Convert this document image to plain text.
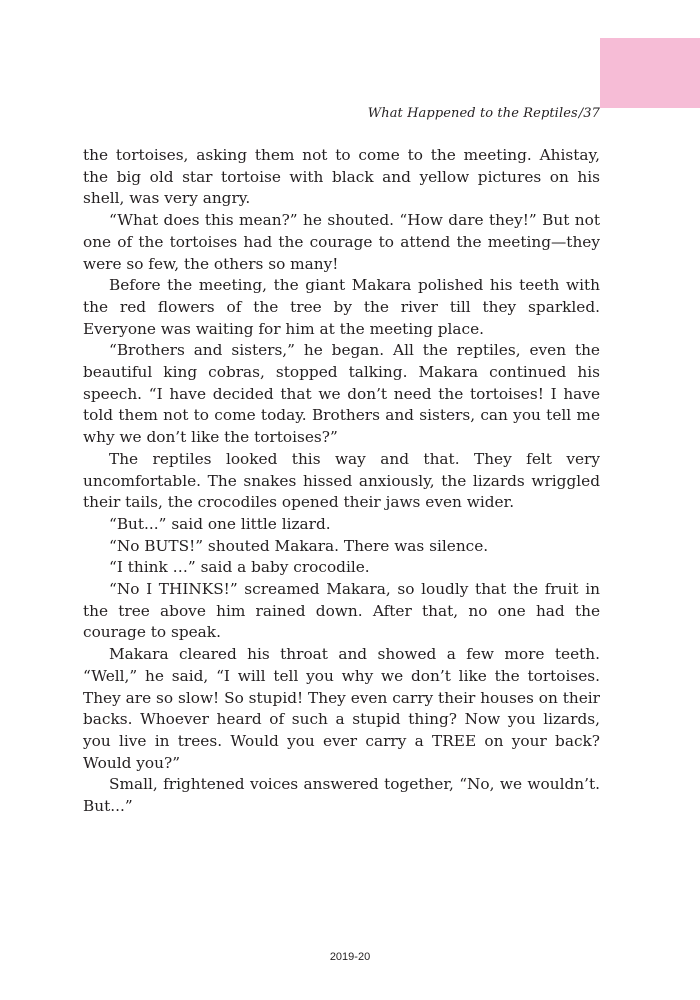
What Happened to the Reptiles/37

the tortoises, asking them not to come to the meeting. Ahistay, the big old star tortoise with black and yellow pictures on his shell, was very angry.

“What does this mean?” he shouted. “How dare they!” But not one of the tortoises had the courage to attend the meeting—they were so few, the others so many!

Before the meeting, the giant Makara polished his teeth with the red flowers of the tree by the river till they sparkled. Everyone was waiting for him at the meeting place.

“Brothers and sisters,” he began. All the reptiles, even the beautiful king cobras, stopped talking. Makara continued his speech. “I have decided that we don’t need the tortoises! I have told them not to come today. Brothers and sisters, can you tell me why we don’t like the tortoises?”

The reptiles looked this way and that. They felt very uncomfortable. The snakes hissed anxiously, the lizards wriggled their tails, the crocodiles opened their jaws even wider.

“But...” said one little lizard.

“No BUTS!” shouted Makara. There was silence.

“I think …” said a baby crocodile.

“No I THINKS!” screamed Makara, so loudly that the fruit in the tree above him rained down. After that, no one had the courage to speak.

Makara cleared his throat and showed a few more teeth. “Well,” he said, “I will tell you why we don’t like the tortoises. They are so slow! So stupid! They even carry their houses on their backs. Whoever heard of such a stupid thing? Now you lizards, you live in trees. Would you ever carry a TREE on your back? Would you?”

Small, frightened voices answered together, “No, we wouldn’t. But...”

2019-20
